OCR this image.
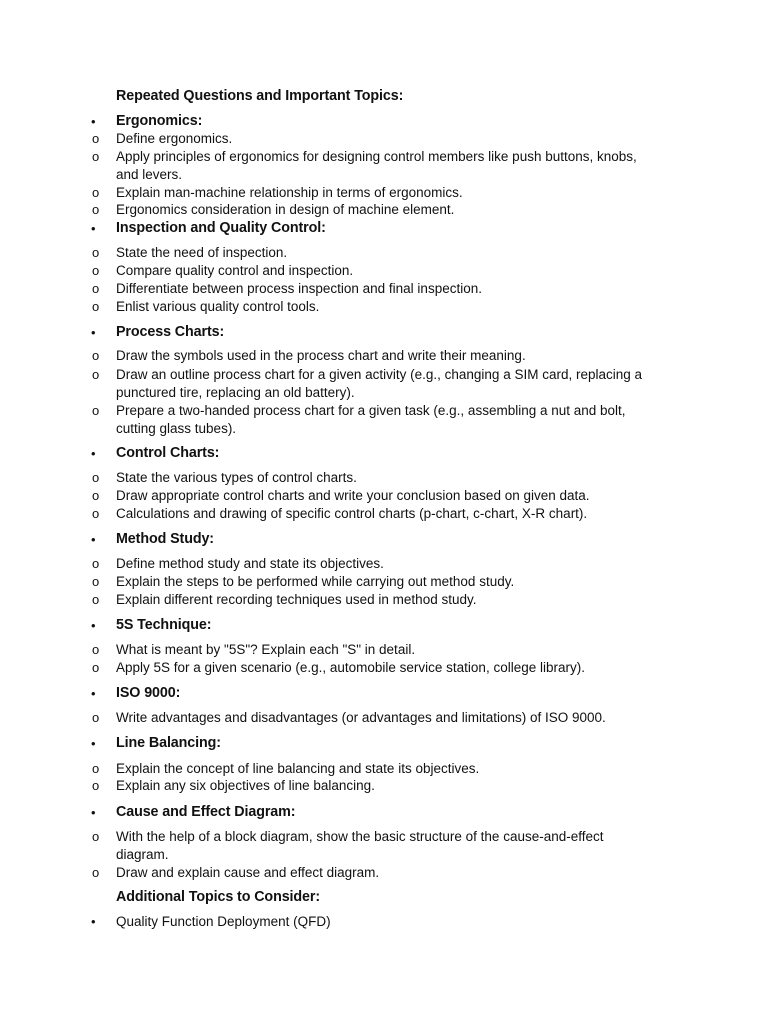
Repeated Questions and Important Topics:
• Ergonomics:
o Define ergonomics.
o Apply principles of ergonomics for designing control members like push buttons, knobs, and levers.
o Explain man-machine relationship in terms of ergonomics.
o Ergonomics consideration in design of machine element.
• Inspection and Quality Control:
o State the need of inspection.
o Compare quality control and inspection.
o Differentiate between process inspection and final inspection.
o Enlist various quality control tools.
• Process Charts:
o Draw the symbols used in the process chart and write their meaning.
o Draw an outline process chart for a given activity (e.g., changing a SIM card, replacing a punctured tire, replacing an old battery).
o Prepare a two-handed process chart for a given task (e.g., assembling a nut and bolt, cutting glass tubes).
• Control Charts:
o State the various types of control charts.
o Draw appropriate control charts and write your conclusion based on given data.
o Calculations and drawing of specific control charts (p-chart, c-chart, X-R chart).
• Method Study:
o Define method study and state its objectives.
o Explain the steps to be performed while carrying out method study.
o Explain different recording techniques used in method study.
• 5S Technique:
o What is meant by "5S"? Explain each "S" in detail.
o Apply 5S for a given scenario (e.g., automobile service station, college library).
• ISO 9000:
o Write advantages and disadvantages (or advantages and limitations) of ISO 9000.
• Line Balancing:
o Explain the concept of line balancing and state its objectives.
o Explain any six objectives of line balancing.
• Cause and Effect Diagram:
o With the help of a block diagram, show the basic structure of the cause-and-effect diagram.
o Draw and explain cause and effect diagram.
Additional Topics to Consider:
• Quality Function Deployment (QFD)
